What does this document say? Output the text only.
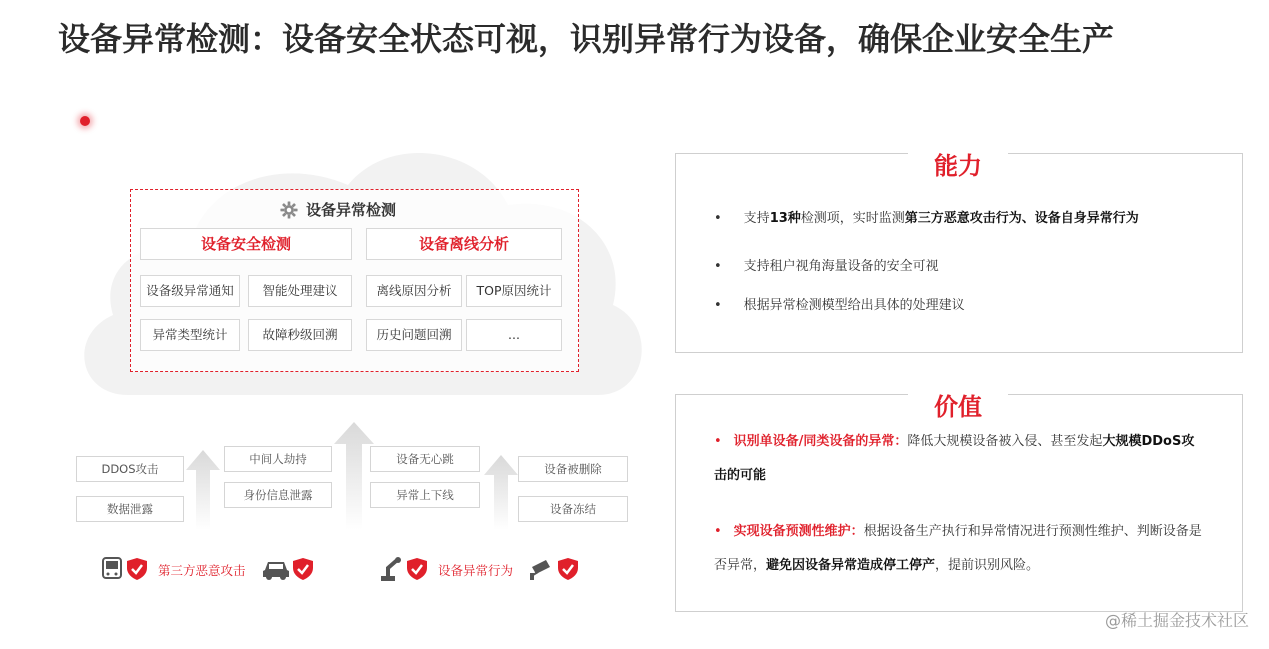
设备异常检测：设备安全状态可视，识别异常行为设备，确保企业安全生产
设备异常检测
设备安全检测
设备级异常通知	智能处理建议
异常类型统计	故障秒级回溯
设备离线分析
离线原因分析	TOP原因统计
历史问题回溯	...
DDOS攻击
数据泄露
中间人劫持
身份信息泄露
设备无心跳
异常上下线
设备被删除
设备冻结
第三方恶意攻击	设备异常行为
能力
• 支持13种检测项，实时监测第三方恶意攻击行为、设备自身异常行为
• 支持租户视角海量设备的安全可视
• 根据异常检测模型给出具体的处理建议
价值
• 识别单设备/同类设备的异常：降低大规模设备被入侵、甚至发起大规模DDoS攻击的可能
• 实现设备预测性维护：根据设备生产执行和异常情况进行预测性维护、判断设备是否异常，避免因设备异常造成停工停产，提前识别风险。
@稀土掘金技术社区
